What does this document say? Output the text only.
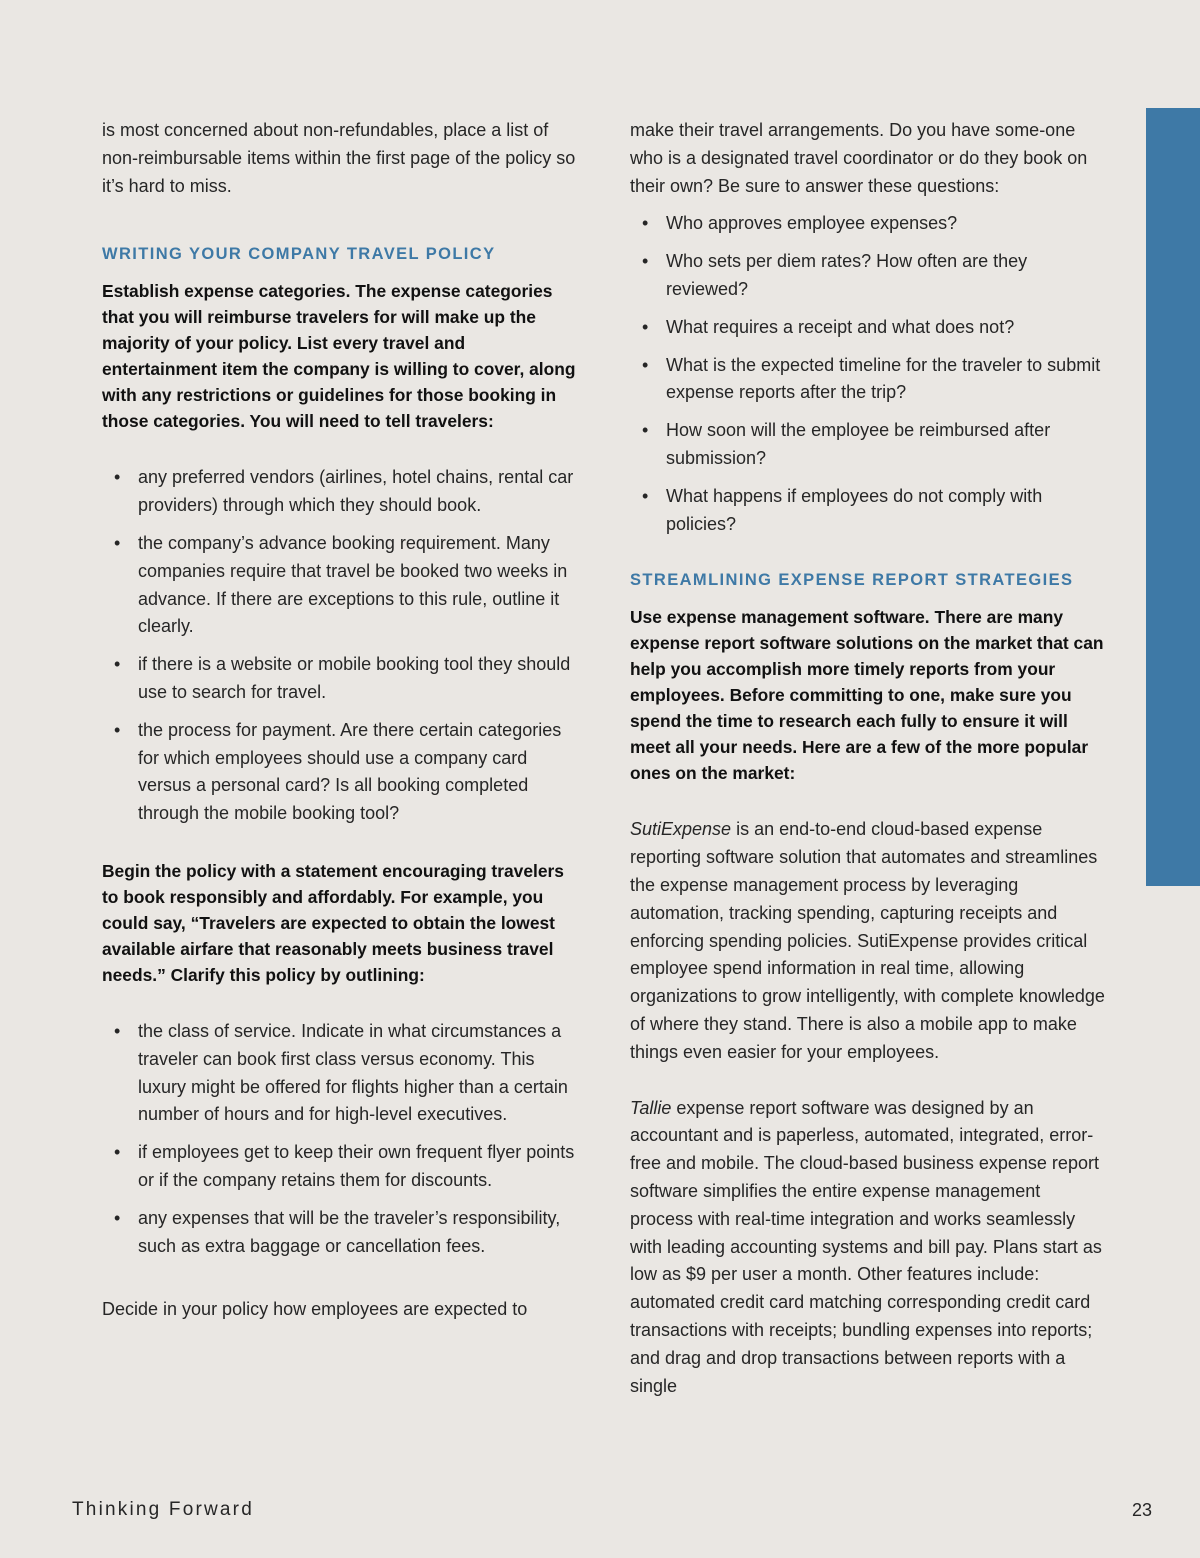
is most concerned about non-refundables, place a list of non-reimbursable items within the first page of the policy so it’s hard to miss.

WRITING YOUR COMPANY TRAVEL POLICY

Establish expense categories. The expense categories that you will reimburse travelers for will make up the majority of your policy. List every travel and entertainment item the company is willing to cover, along with any restrictions or guidelines for those booking in those categories. You will need to tell travelers:

• any preferred vendors (airlines, hotel chains, rental car providers) through which they should book.
• the company’s advance booking requirement. Many companies require that travel be booked two weeks in advance. If there are exceptions to this rule, outline it clearly.
• if there is a website or mobile booking tool they should use to search for travel.
• the process for payment. Are there certain categories for which employees should use a company card versus a personal card? Is all booking completed through the mobile booking tool?

Begin the policy with a statement encouraging travelers to book responsibly and affordably. For example, you could say, “Travelers are expected to obtain the lowest available airfare that reasonably meets business travel needs.” Clarify this policy by outlining:

• the class of service. Indicate in what circumstances a traveler can book first class versus economy. This luxury might be offered for flights higher than a certain number of hours and for high-level executives.
• if employees get to keep their own frequent flyer points or if the company retains them for discounts.
• any expenses that will be the traveler’s responsibility, such as extra baggage or cancellation fees.

Decide in your policy how employees are expected to

make their travel arrangements. Do you have some-one who is a designated travel coordinator or do they book on their own? Be sure to answer these questions:

• Who approves employee expenses?
• Who sets per diem rates? How often are they reviewed?
• What requires a receipt and what does not?
• What is the expected timeline for the traveler to submit expense reports after the trip?
• How soon will the employee be reimbursed after submission?
• What happens if employees do not comply with policies?
STREAMLINING EXPENSE REPORT STRATEGIES

Use expense management software. There are many expense report software solutions on the market that can help you accomplish more timely reports from your employees. Before committing to one, make sure you spend the time to research each fully to ensure it will meet all your needs. Here are a few of the more popular ones on the market:

SutiExpense is an end-to-end cloud-based expense reporting software solution that automates and streamlines the expense management process by leveraging automation, tracking spending, capturing receipts and enforcing spending policies. SutiExpense provides critical employee spend information in real time, allowing organizations to grow intelligently, with complete knowledge of where they stand. There is also a mobile app to make things even easier for your employees.

Tallie expense report software was designed by an accountant and is paperless, automated, integrated, error-free and mobile. The cloud-based business expense report software simplifies the entire expense management process with real-time integration and works seamlessly with leading accounting systems and bill pay. Plans start as low as $9 per user a month. Other features include: automated credit card matching corresponding credit card transactions with receipts; bundling expenses into reports; and drag and drop transactions between reports with a single

Thinking Forward	23
